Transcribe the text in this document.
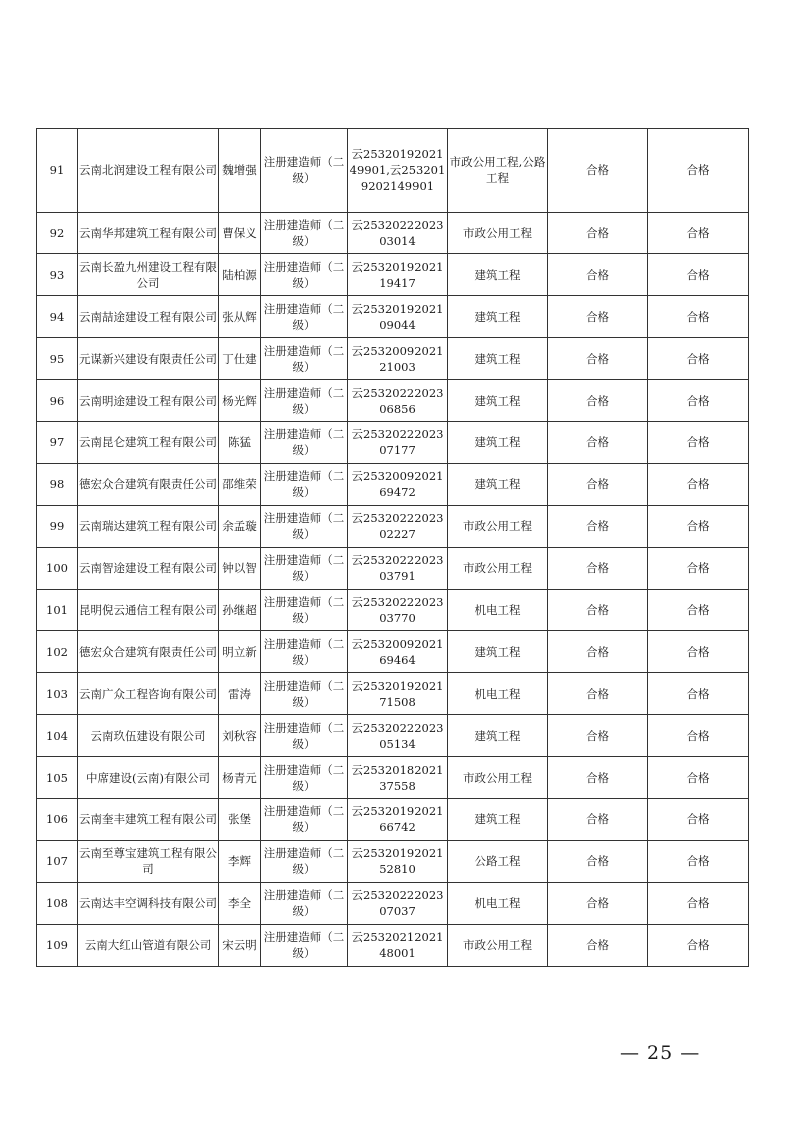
91	云南北润建设工程有限公司	魏增强	注册建造师（二级）	云2532019202149901,云2532019202149901	市政公用工程,公路工程	合格	合格
92	云南华邦建筑工程有限公司	曹保义	注册建造师（二级）	云2532022202303014	市政公用工程	合格	合格
93	云南长盈九州建设工程有限公司	陆柏源	注册建造师（二级）	云2532019202119417	建筑工程	合格	合格
94	云南喆途建设工程有限公司	张从辉	注册建造师（二级）	云2532019202109044	建筑工程	合格	合格
95	元谋新兴建设有限责任公司	丁仕建	注册建造师（二级）	云2532009202121003	建筑工程	合格	合格
96	云南明途建设工程有限公司	杨光辉	注册建造师（二级）	云2532022202306856	建筑工程	合格	合格
97	云南昆仑建筑工程有限公司	陈猛	注册建造师（二级）	云2532022202307177	建筑工程	合格	合格
98	德宏众合建筑有限责任公司	邵维荣	注册建造师（二级）	云2532009202169472	建筑工程	合格	合格
99	云南瑞达建筑工程有限公司	余孟璇	注册建造师（二级）	云2532022202302227	市政公用工程	合格	合格
100	云南智途建设工程有限公司	钟以智	注册建造师（二级）	云2532022202303791	市政公用工程	合格	合格
101	昆明倪云通信工程有限公司	孙继超	注册建造师（二级）	云2532022202303770	机电工程	合格	合格
102	德宏众合建筑有限责任公司	明立新	注册建造师（二级）	云2532009202169464	建筑工程	合格	合格
103	云南广众工程咨询有限公司	雷涛	注册建造师（二级）	云2532019202171508	机电工程	合格	合格
104	云南玖伍建设有限公司	刘秋容	注册建造师（二级）	云2532022202305134	建筑工程	合格	合格
105	中席建设(云南)有限公司	杨青元	注册建造师（二级）	云2532018202137558	市政公用工程	合格	合格
106	云南奎丰建筑工程有限公司	张堡	注册建造师（二级）	云2532019202166742	建筑工程	合格	合格
107	云南至尊宝建筑工程有限公司	李辉	注册建造师（二级）	云2532019202152810	公路工程	合格	合格
108	云南达丰空调科技有限公司	李全	注册建造师（二级）	云2532022202307037	机电工程	合格	合格
109	云南大红山管道有限公司	宋云明	注册建造师（二级）	云2532021202148001	市政公用工程	合格	合格
— 25 —
